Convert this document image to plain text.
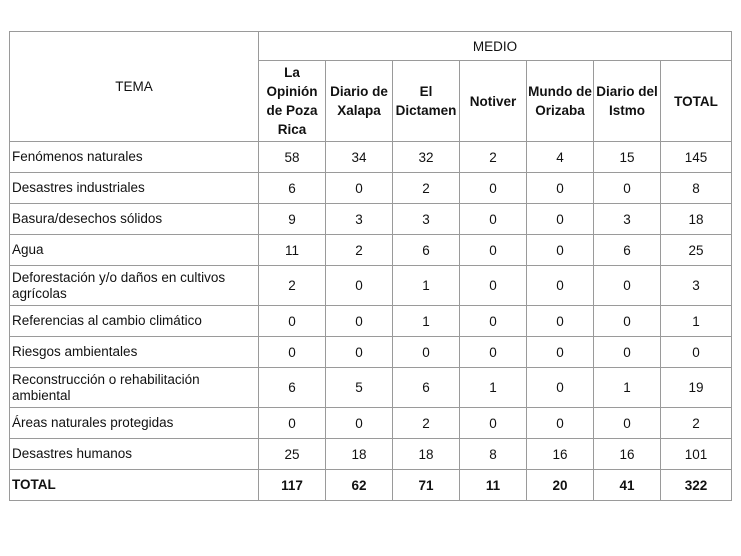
TEMA	MEDIO						
	La Opinión de Poza Rica	Diario de Xalapa	El Dictamen	Notiver	Mundo de Orizaba	Diario del Istmo	TOTAL
Fenómenos naturales	58	34	32	2	4	15	145
Desastres industriales	6	0	2	0	0	0	8
Basura/desechos sólidos	9	3	3	0	0	3	18
Agua	11	2	6	0	0	6	25
Deforestación y/o daños en cultivos agrícolas	2	0	1	0	0	0	3
Referencias al cambio climático	0	0	1	0	0	0	1
Riesgos ambientales	0	0	0	0	0	0	0
Reconstrucción o rehabilitación ambiental	6	5	6	1	0	1	19
Áreas naturales protegidas	0	0	2	0	0	0	2
Desastres humanos	25	18	18	8	16	16	101
TOTAL	117	62	71	11	20	41	322
